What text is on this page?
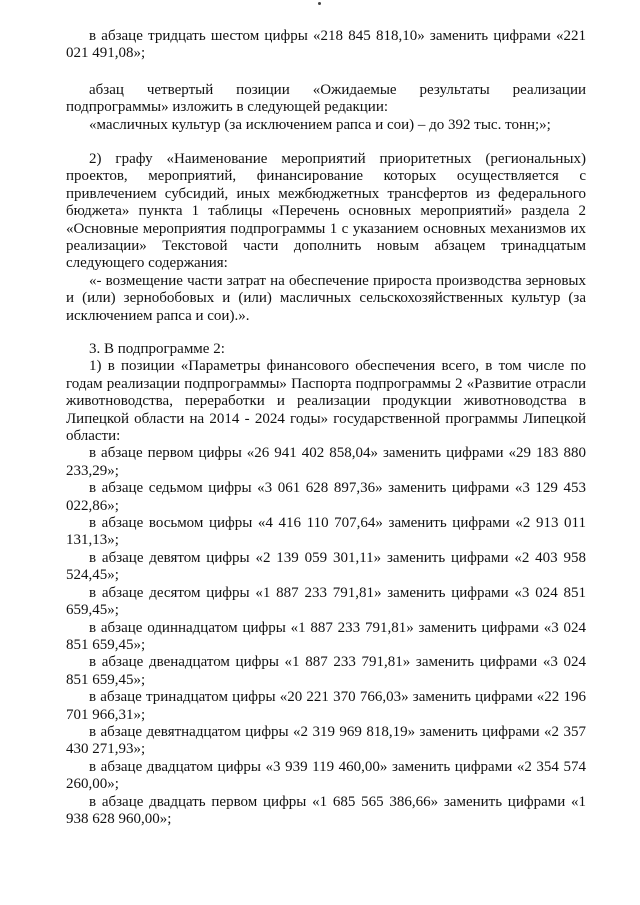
в абзаце тридцать шестом цифры «218 845 818,10» заменить цифрами «221 021 491,08»;

абзац четвертый позиции «Ожидаемые результаты реализации подпрограммы» изложить в следующей редакции:

«масличных культур (за исключением рапса и сои) – до 392 тыс. тонн;»;

2) графу «Наименование мероприятий приоритетных (региональных) проектов, мероприятий, финансирование которых осуществляется с привлечением субсидий, иных межбюджетных трансфертов из федерального бюджета» пункта 1 таблицы «Перечень основных мероприятий» раздела 2 «Основные мероприятия подпрограммы 1 с указанием основных механизмов их реализации» Текстовой части дополнить новым абзацем тринадцатым следующего содержания:

«- возмещение части затрат на обеспечение прироста производства зерновых и (или) зернобобовых и (или) масличных сельскохозяйственных культур (за исключением рапса и сои).».

3. В подпрограмме 2:

1) в позиции «Параметры финансового обеспечения всего, в том числе по годам реализации подпрограммы» Паспорта подпрограммы 2 «Развитие отрасли животноводства, переработки и реализации продукции животноводства в Липецкой области на 2014 - 2024 годы» государственной программы Липецкой области:

в абзаце первом цифры «26 941 402 858,04» заменить цифрами «29 183 880 233,29»;

в абзаце седьмом цифры «3 061 628 897,36» заменить цифрами «3 129 453 022,86»;

в абзаце восьмом цифры «4 416 110 707,64» заменить цифрами «2 913 011 131,13»;

в абзаце девятом цифры «2 139 059 301,11» заменить цифрами «2 403 958 524,45»;

в абзаце десятом цифры «1 887 233 791,81» заменить цифрами «3 024 851 659,45»;

в абзаце одиннадцатом цифры «1 887 233 791,81» заменить цифрами «3 024 851 659,45»;

в абзаце двенадцатом цифры «1 887 233 791,81» заменить цифрами «3 024 851 659,45»;

в абзаце тринадцатом цифры «20 221 370 766,03» заменить цифрами «22 196 701 966,31»;

в абзаце девятнадцатом цифры «2 319 969 818,19» заменить цифрами «2 357 430 271,93»;

в абзаце двадцатом цифры «3 939 119 460,00» заменить цифрами «2 354 574 260,00»;

в абзаце двадцать первом цифры «1 685 565 386,66» заменить цифрами «1 938 628 960,00»;
